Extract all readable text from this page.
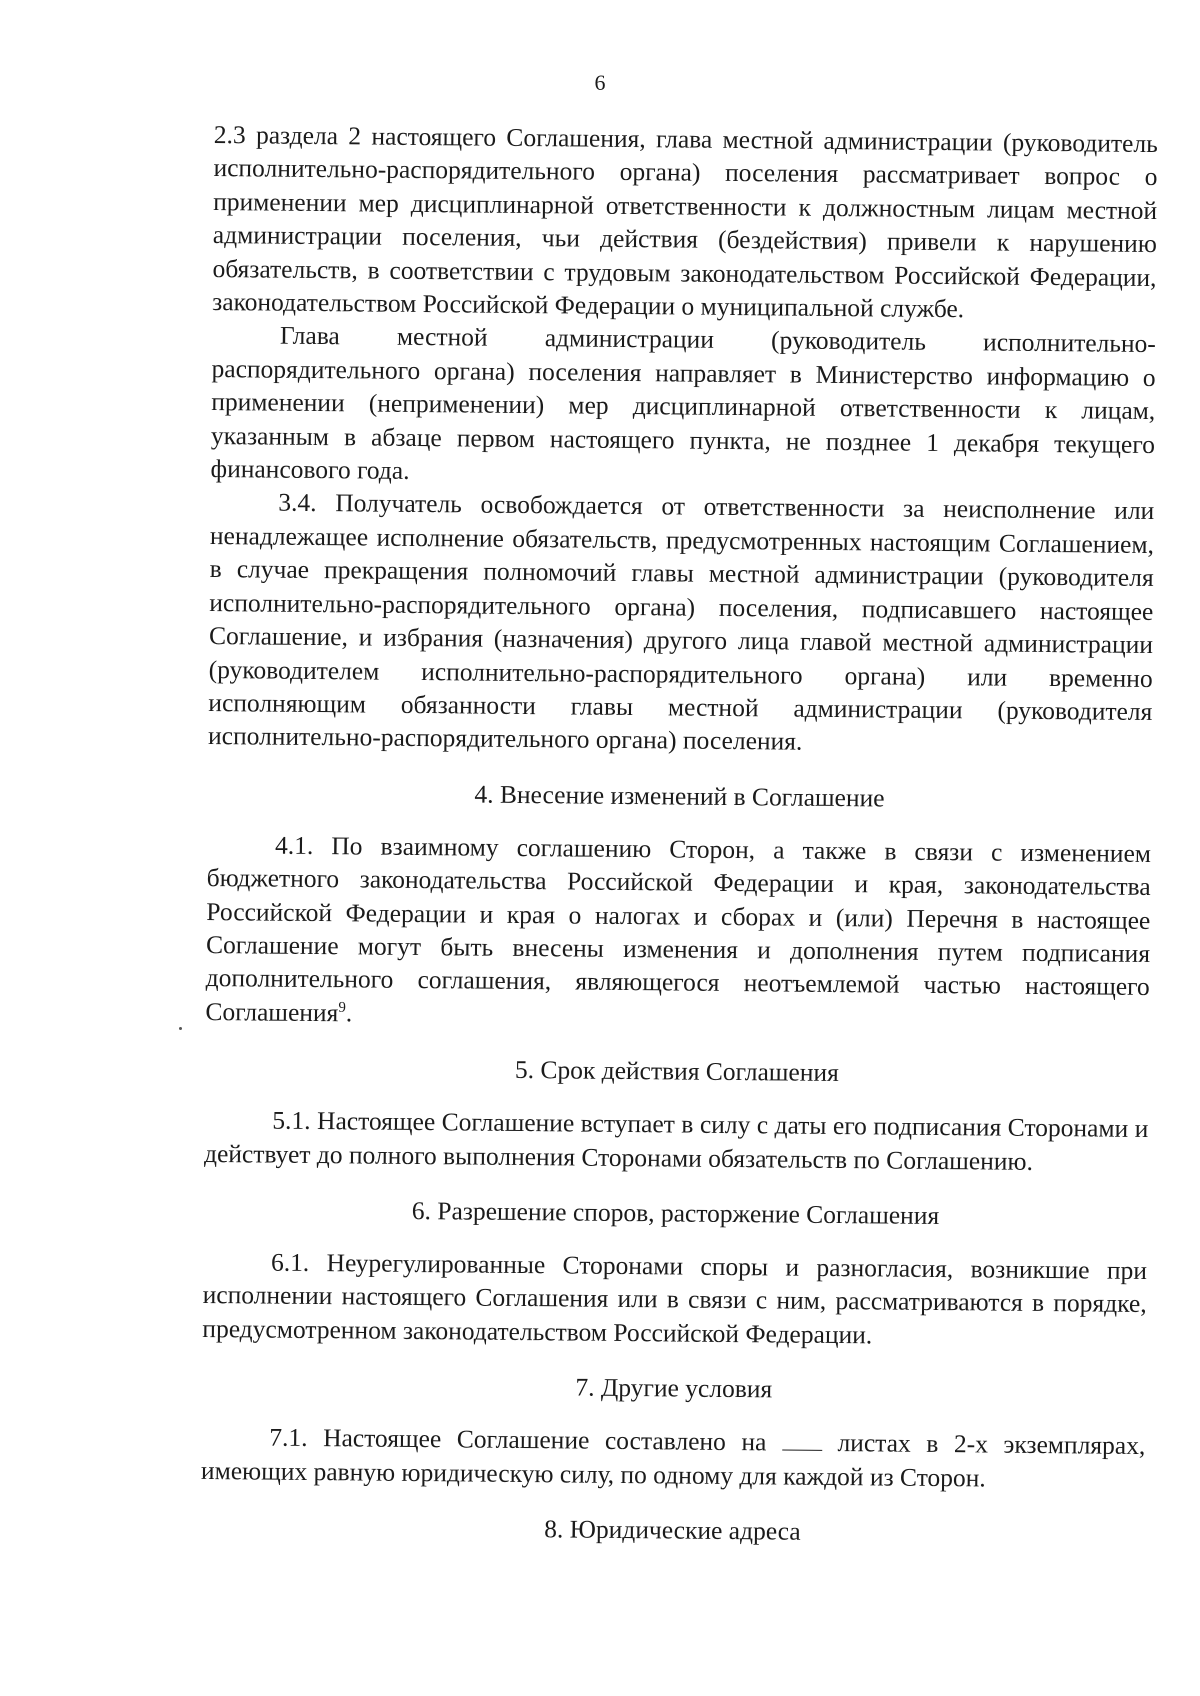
6

2.3 раздела 2 настоящего Соглашения, глава местной администрации (руководитель исполнительно-распорядительного органа) поселения рассматривает вопрос о применении мер дисциплинарной ответственности к должностным лицам местной администрации поселения, чьи действия (бездействия) привели к нарушению обязательств, в соответствии с трудовым законодательством Российской Федерации, законодательством Российской Федерации о муниципальной службе.

Глава местной администрации (руководитель исполнительно-распорядительного органа) поселения направляет в Министерство информацию о применении (неприменении) мер дисциплинарной ответственности к лицам, указанным в абзаце первом настоящего пункта, не позднее 1 декабря текущего финансового года.

3.4. Получатель освобождается от ответственности за неисполнение или ненадлежащее исполнение обязательств, предусмотренных настоящим Соглашением, в случае прекращения полномочий главы местной администрации (руководителя исполнительно-распорядительного органа) поселения, подписавшего настоящее Соглашение, и избрания (назначения) другого лица главой местной администрации (руководителем исполнительно-распорядительного органа) или временно исполняющим обязанности главы местной администрации (руководителя исполнительно-распорядительного органа) поселения.

4. Внесение изменений в Соглашение

4.1. По взаимному соглашению Сторон, а также в связи с изменением бюджетного законодательства Российской Федерации и края, законодательства Российской Федерации и края о налогах и сборах и (или) Перечня в настоящее Соглашение могут быть внесены изменения и дополнения путем подписания дополнительного соглашения, являющегося неотъемлемой частью настоящего Соглашения$^9$.

5. Срок действия Соглашения

5.1. Настоящее Соглашение вступает в силу с даты его подписания Сторонами и действует до полного выполнения Сторонами обязательств по Соглашению.

6. Разрешение споров, расторжение Соглашения

6.1. Неурегулированные Сторонами споры и разногласия, возникшие при исполнении настоящего Соглашения или в связи с ним, рассматриваются в порядке, предусмотренном законодательством Российской Федерации.

7. Другие условия

7.1. Настоящее Соглашение составлено на  листах в 2-х экземплярах, имеющих равную юридическую силу, по одному для каждой из Сторон.

8. Юридические адреса
